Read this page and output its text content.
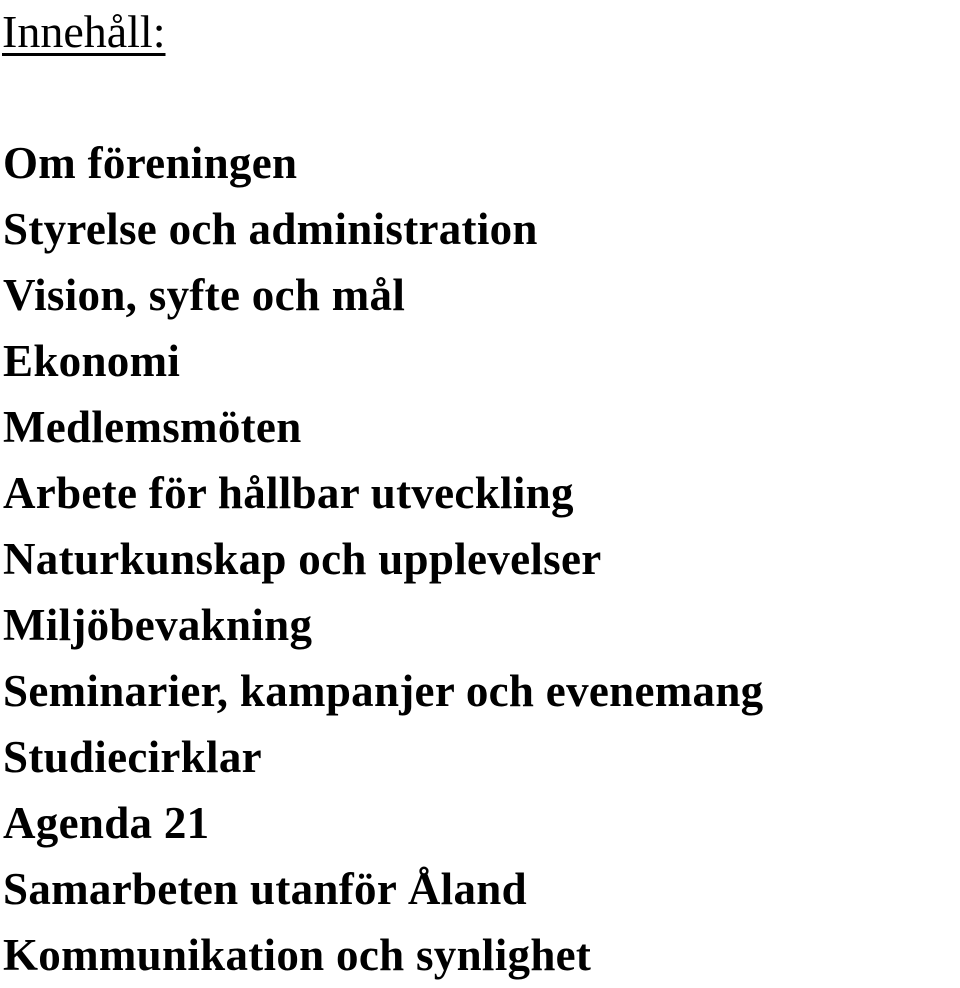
Innehåll:
Om föreningen
Styrelse och administration
Vision, syfte och mål
Ekonomi
Medlemsmöten
Arbete för hållbar utveckling
Naturkunskap och upplevelser
Miljöbevakning
Seminarier, kampanjer och evenemang
Studiecirklar
Agenda 21
Samarbeten utanför Åland
Kommunikation och synlighet
